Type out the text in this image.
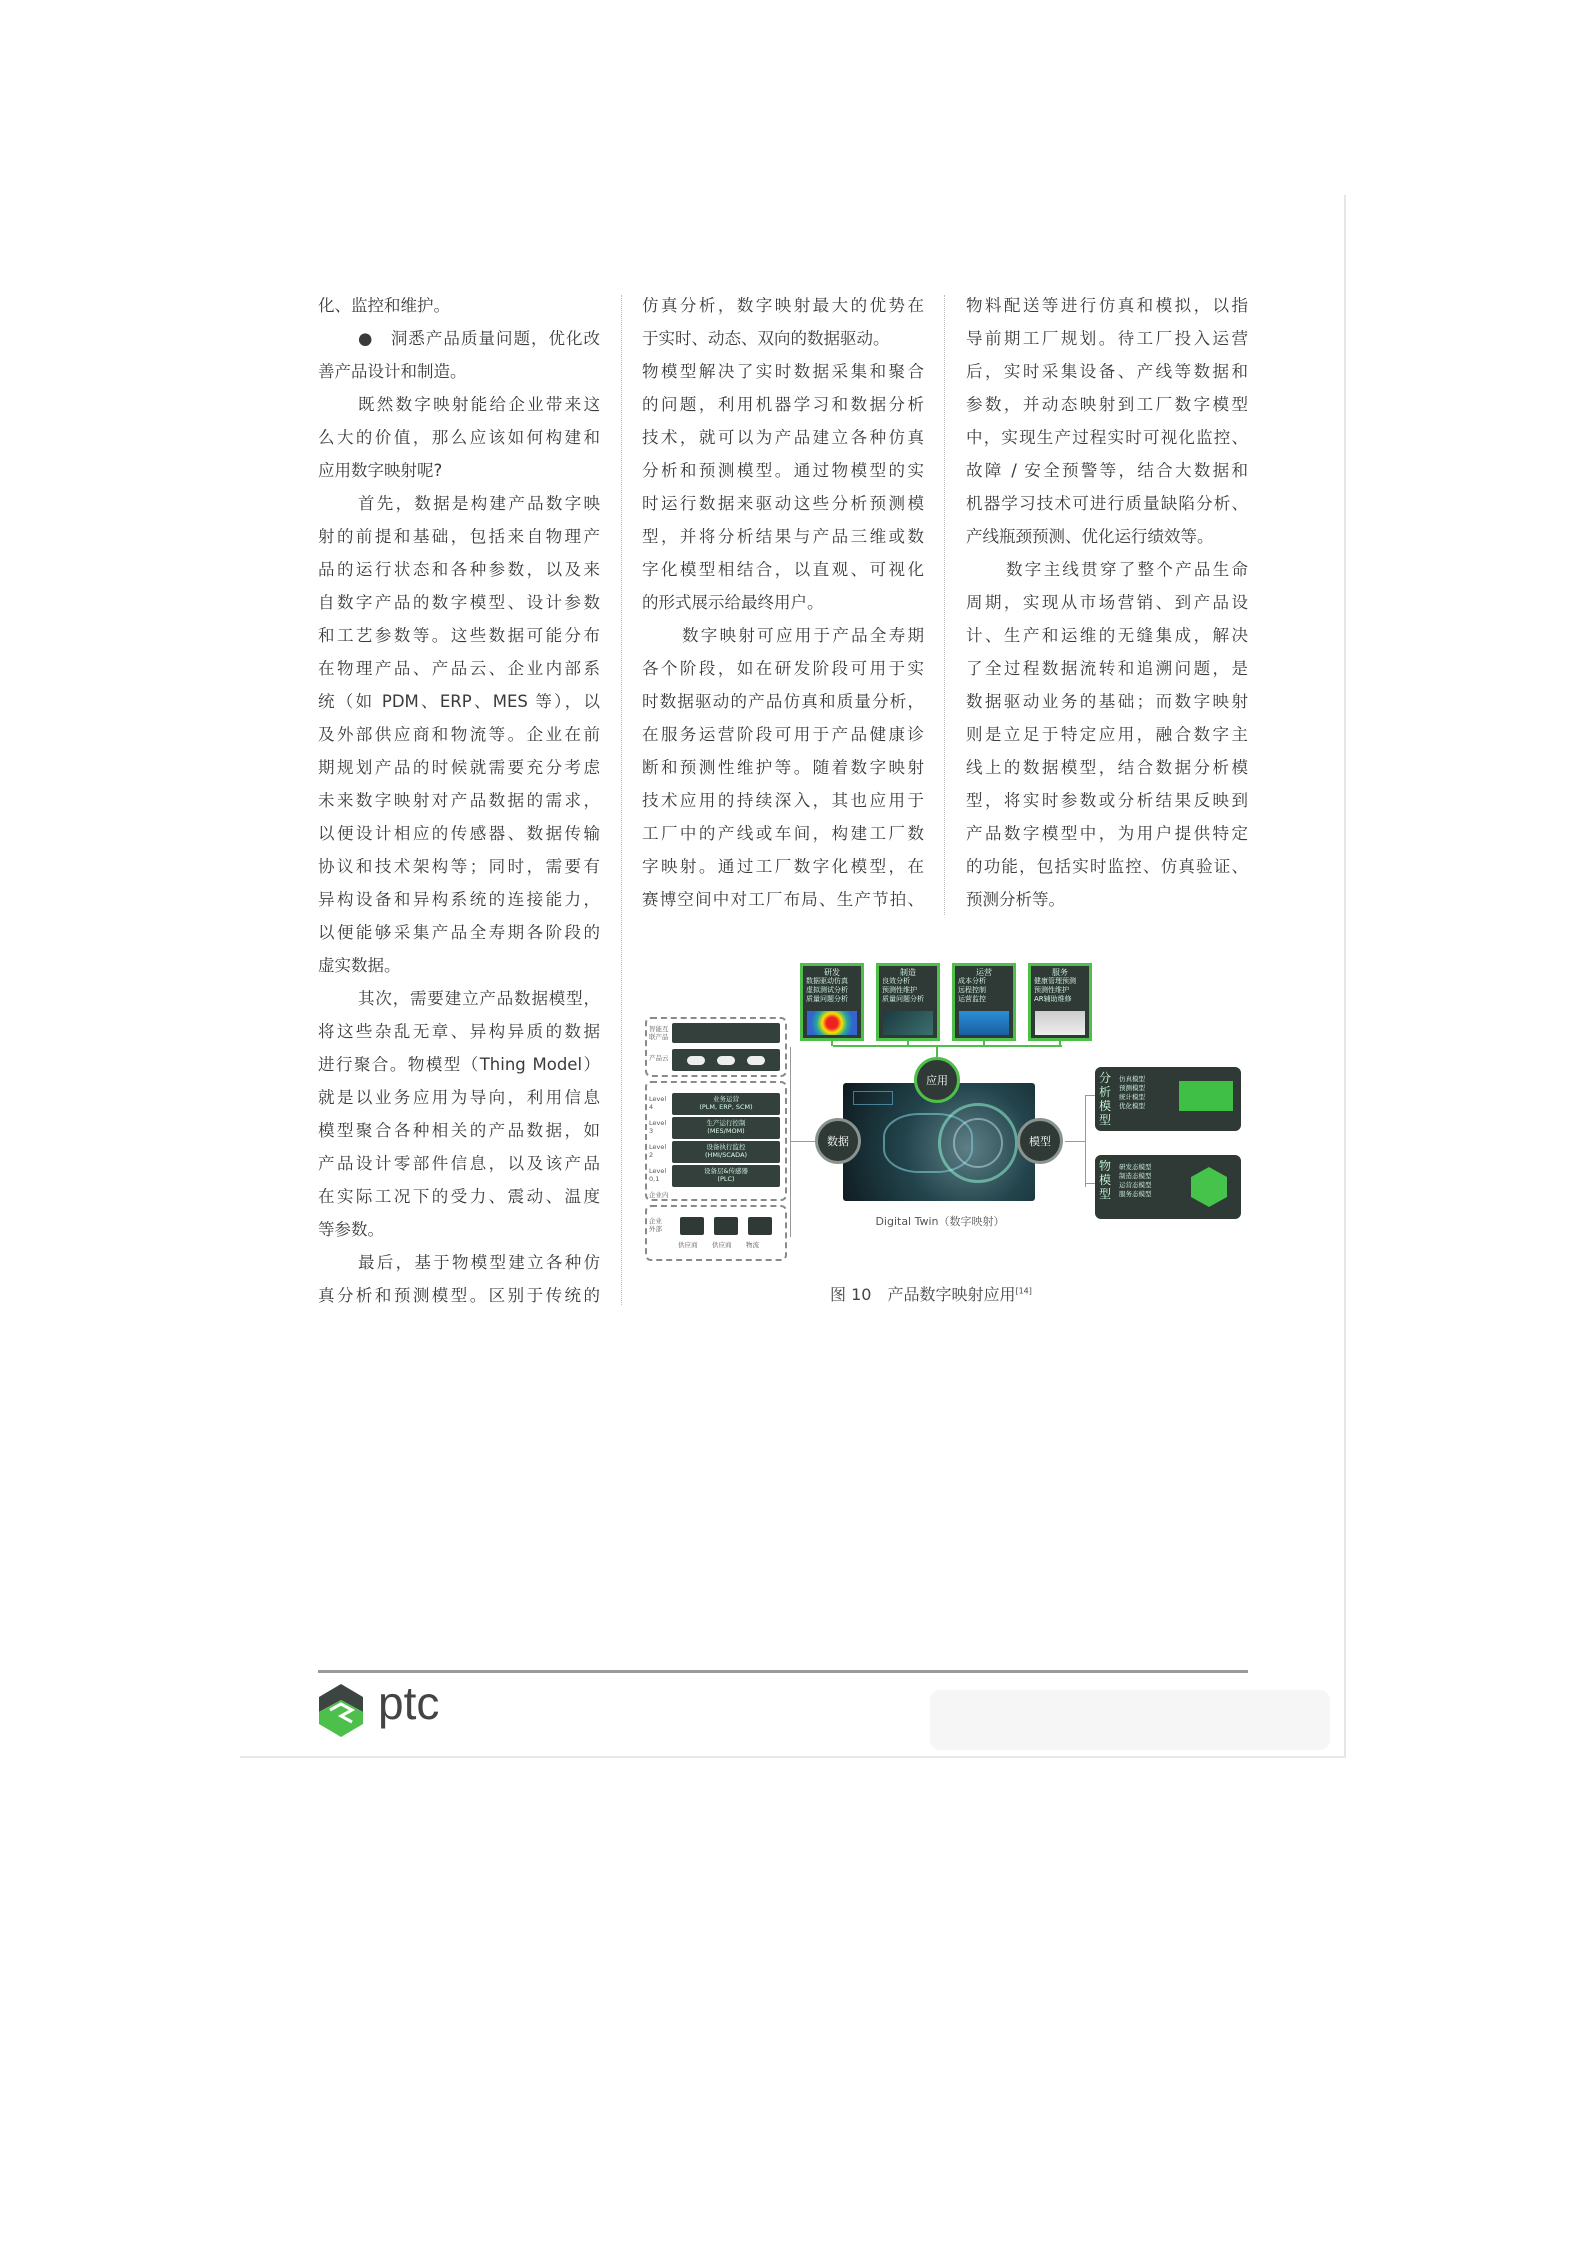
化、监控和维护。
●　洞悉产品质量问题，优化改
善产品设计和制造。
既然数字映射能给企业带来这
么大的价值，那么应该如何构建和
应用数字映射呢?
首先，数据是构建产品数字映
射的前提和基础，包括来自物理产
品的运行状态和各种参数，以及来
自数字产品的数字模型、设计参数
和工艺参数等。这些数据可能分布
在物理产品、产品云、企业内部系
统（如 PDM、ERP、MES 等），以
及外部供应商和物流等。企业在前
期规划产品的时候就需要充分考虑
未来数字映射对产品数据的需求，
以便设计相应的传感器、数据传输
协议和技术架构等；同时，需要有
异构设备和异构系统的连接能力，
以便能够采集产品全寿期各阶段的
虚实数据。
其次，需要建立产品数据模型，
将这些杂乱无章、异构异质的数据
进行聚合。物模型（Thing Model）
就是以业务应用为导向，利用信息
模型聚合各种相关的产品数据，如
产品设计零部件信息，以及该产品
在实际工况下的受力、震动、温度
等参数。
最后，基于物模型建立各种仿
真分析和预测模型。区别于传统的
仿真分析，数字映射最大的优势在
于实时、动态、双向的数据驱动。
物模型解决了实时数据采集和聚合
的问题，利用机器学习和数据分析
技术，就可以为产品建立各种仿真
分析和预测模型。通过物模型的实
时运行数据来驱动这些分析预测模
型，并将分析结果与产品三维或数
字化模型相结合，以直观、可视化
的形式展示给最终用户。
数字映射可应用于产品全寿期
各个阶段，如在研发阶段可用于实
时数据驱动的产品仿真和质量分析，
在服务运营阶段可用于产品健康诊
断和预测性维护等。随着数字映射
技术应用的持续深入，其也应用于
工厂中的产线或车间，构建工厂数
字映射。通过工厂数字化模型，在
赛博空间中对工厂布局、生产节拍、
物料配送等进行仿真和模拟，以指
导前期工厂规划。待工厂投入运营
后，实时采集设备、产线等数据和
参数，并动态映射到工厂数字模型
中，实现生产过程实时可视化监控、
故障 / 安全预警等，结合大数据和
机器学习技术可进行质量缺陷分析、
产线瓶颈预测、优化运行绩效等。
数字主线贯穿了整个产品生命
周期，实现从市场营销、到产品设
计、生产和运维的无缝集成，解决
了全过程数据流转和追溯问题，是
数据驱动业务的基础；而数字映射
则是立足于特定应用，融合数字主
线上的数据模型，结合数据分析模
型，将实时参数或分析结果反映到
产品数字模型中，为用户提供特定
的功能，包括实时监控、仿真验证、
预测分析等。
研发
数据驱动仿真
虚拟测试分析
质量问题分析
制造
良效分析
预测性维护
质量问题分析
运营
成本分析
远程控制
运营监控
服务
健康管理预测
预测性维护
AR辅助维修
应用
Digital Twin（数字映射）
数据	模型
智能互联产品
产品云
Level 4
业务运营
(PLM, ERP, SCM)
Level 3
生产运行控制
(MES/MOM)
Level 2
设备执行监控
(HMI/SCADA)
Level 0,1
设备层&传感器
(PLC)
企业内
企业外部
供应商 供应商 物流
分析模型
仿真模型
预测模型
统计模型
优化模型
物模型
研发态模型
制造态模型
运营态模型
服务态模型
图 10　产品数字映射应用[14]
ptc
